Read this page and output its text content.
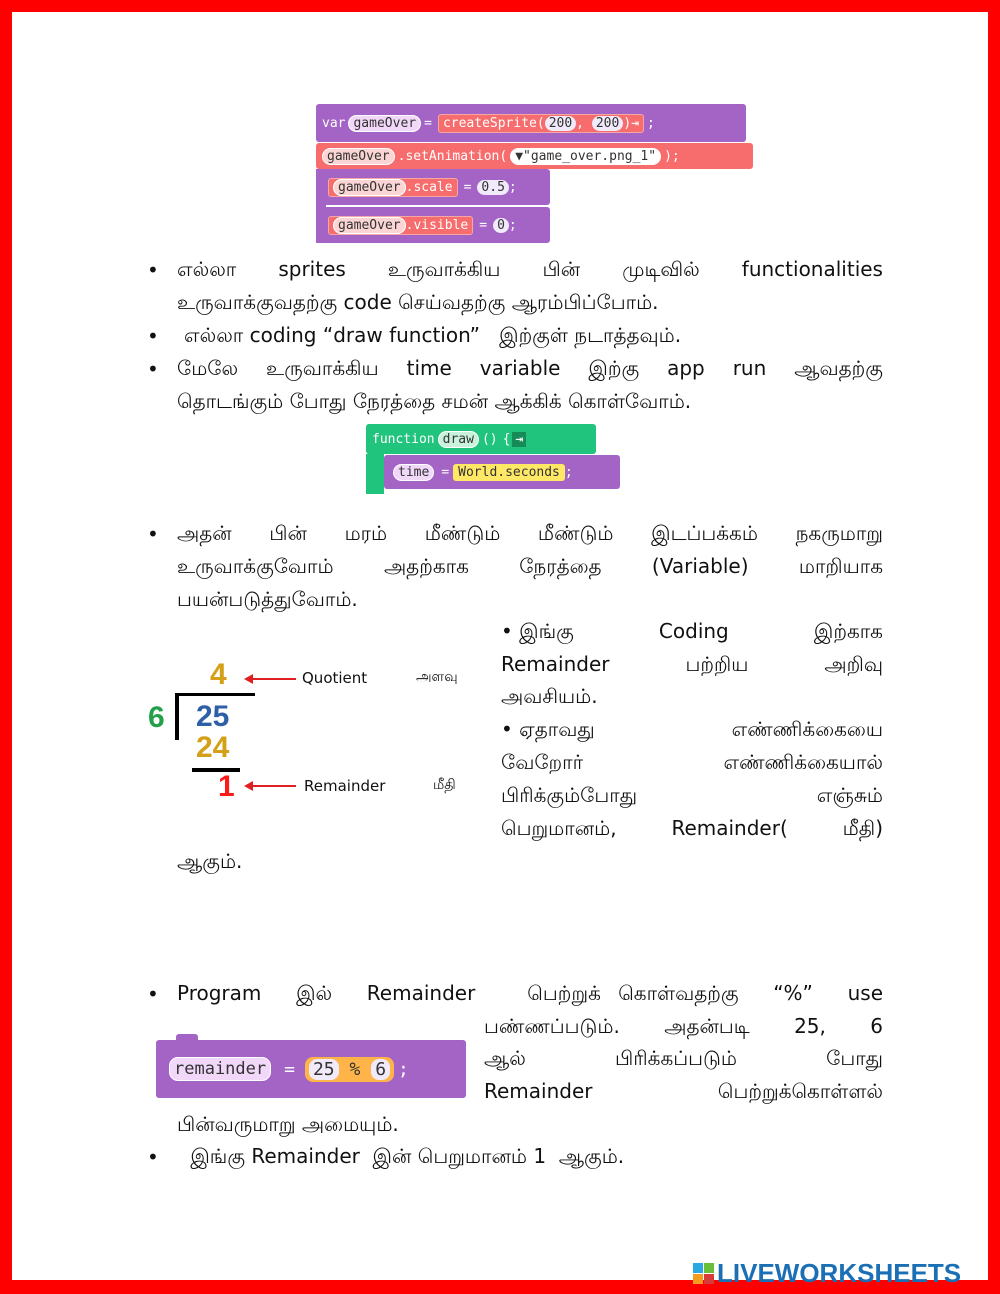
var gameOver = createSprite( 200 , 200 )⇥ ;
gameOver .setAnimation ( ▼"game_over.png_1" );
gameOver .scale = 0.5 ;
gameOver .visible = 0 ;
• எல்லா sprites உருவாக்கிய பின் முடிவில் functionalities
உருவாக்குவதற்கு code செய்வதற்கு ஆரம்பிப்போம்.
• எல்லா coding “draw function”   இற்குள் நடாத்தவும்.
• மேலே உருவாக்கிய time variable இற்கு app run ஆவதற்கு
தொடங்கும் போது நேரத்தை சமன் ஆக்கிக் கொள்வோம்.
function draw () { ⇥
time = World.seconds ;
• அதன் பின் மரம் மீண்டும் மீண்டும் இடப்பக்கம் நகருமாறு
உருவாக்குவோம் அதற்காக நேரத்தை (Variable) மாறியாக
பயன்படுத்துவோம்.
4
6 25
24
1
Quotient	அளவு
Remainder	மீதி
• இங்கு	Coding	இற்காக
Remainder	பற்றிய	அறிவு
அவசியம்.
• ஏதாவது	எண்ணிக்கையை
வேறோர்	எண்ணிக்கையால்
பிரிக்கும்போது	எஞ்சும்
பெறுமானம்,	Remainder(	மீதி)
ஆகும்.
• Program  இல்  Remainder   பெற்றுக் கொள்வதற்கு  “%”  use
பண்ணப்படும். அதன்படி 25, 6
ஆல் பிரிக்கப்படும் போது
Remainder பெற்றுக்கொள்ளல்
பின்வருமாறு அமையும்.
remainder =	25 % 6 ;
• இங்கு Remainder  இன் பெறுமானம் 1  ஆகும்.
LIVEWORKSHEETS
